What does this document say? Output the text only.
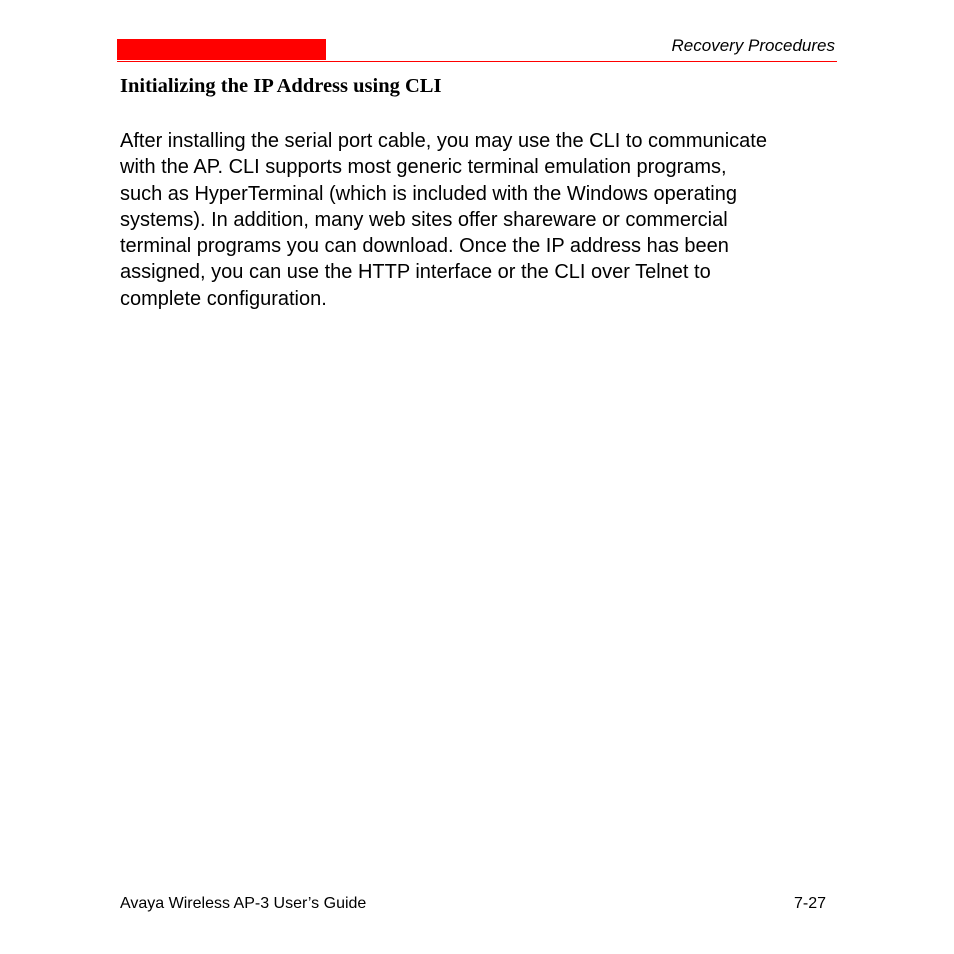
Recovery Procedures
Initializing the IP Address using CLI

After installing the serial port cable, you may use the CLI to communicate
with the AP. CLI supports most generic terminal emulation programs,
such as HyperTerminal (which is included with the Windows operating
systems). In addition, many web sites offer shareware or commercial
terminal programs you can download. Once the IP address has been
assigned, you can use the HTTP interface or the CLI over Telnet to
complete configuration.

Avaya Wireless AP-3 User’s Guide	7-27
